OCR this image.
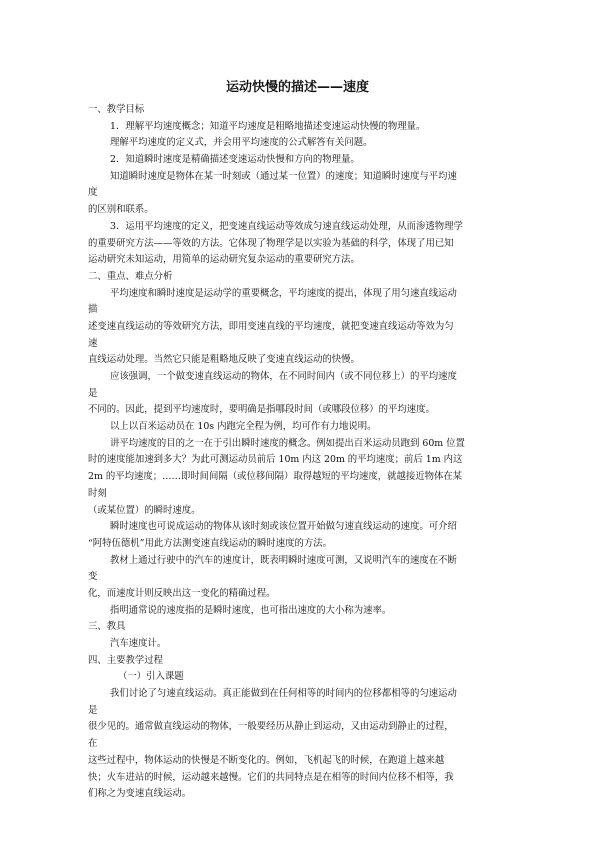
运动快慢的描述——速度
一、教学目标
1．理解平均速度概念；知道平均速度是粗略地描述变速运动快慢的物理量。
理解平均速度的定义式，并会用平均速度的公式解答有关问题。
2．知道瞬时速度是精确描述变速运动快慢和方向的物理量。
知道瞬时速度是物体在某一时刻或（通过某一位置）的速度；知道瞬时速度与平均速
度
的区别和联系。
3．运用平均速度的定义，把变速直线运动等效成匀速直线运动处理，从而渗透物理学
的重要研究方法——等效的方法。它体现了物理学是以实验为基础的科学，体现了用已知
运动研究未知运动，用简单的运动研究复杂运动的重要研究方法。
二、重点、难点分析
平均速度和瞬时速度是运动学的重要概念，平均速度的提出，体现了用匀速直线运动
描
述变速直线运动的等效研究方法，即用变速直线的平均速度，就把变速直线运动等效为匀
速
直线运动处理。当然它只能是粗略地反映了变速直线运动的快慢。
应该强调，一个做变速直线运动的物体，在不同时间内（或不同位移上）的平均速度
是
不同的。因此，提到平均速度时，要明确是指哪段时间（或哪段位移）的平均速度。
以上以百米运动员在 10s 内跑完全程为例，均可作有力地说明。
讲平均速度的目的之一在于引出瞬时速度的概念。例如提出百米运动员跑到 60m 位置
时的速度能加速到多大？为此可测运动员前后 10m 内这 20m 的平均速度；前后 1m 内这
2m 的平均速度；……即时间间隔（或位移间隔）取得越短的平均速度，就越接近物体在某
时刻
（或某位置）的瞬时速度。
瞬时速度也可说成运动的物体从该时刻或该位置开始做匀速直线运动的速度。可介绍
“阿特伍德机”用此方法测变速直线运动的瞬时速度的方法。
教材上通过行驶中的汽车的速度计，既表明瞬时速度可测，又说明汽车的速度在不断
变
化，而速度计则反映出这一变化的精确过程。
指明通常说的速度指的是瞬时速度，也可指出速度的大小称为速率。
三、教具
汽车速度计。
四、主要教学过程
（一）引入课题
我们讨论了匀速直线运动。真正能做到在任何相等的时间内的位移都相等的匀速运动
是
很少见的。通常做直线运动的物体，一般要经历从静止到运动，又由运动到静止的过程，
在
这些过程中，物体运动的快慢是不断变化的。例如，飞机起飞的时候，在跑道上越来越
快；火车进站的时候，运动越来越慢。它们的共同特点是在相等的时间内位移不相等，我
们称之为变速直线运动。
